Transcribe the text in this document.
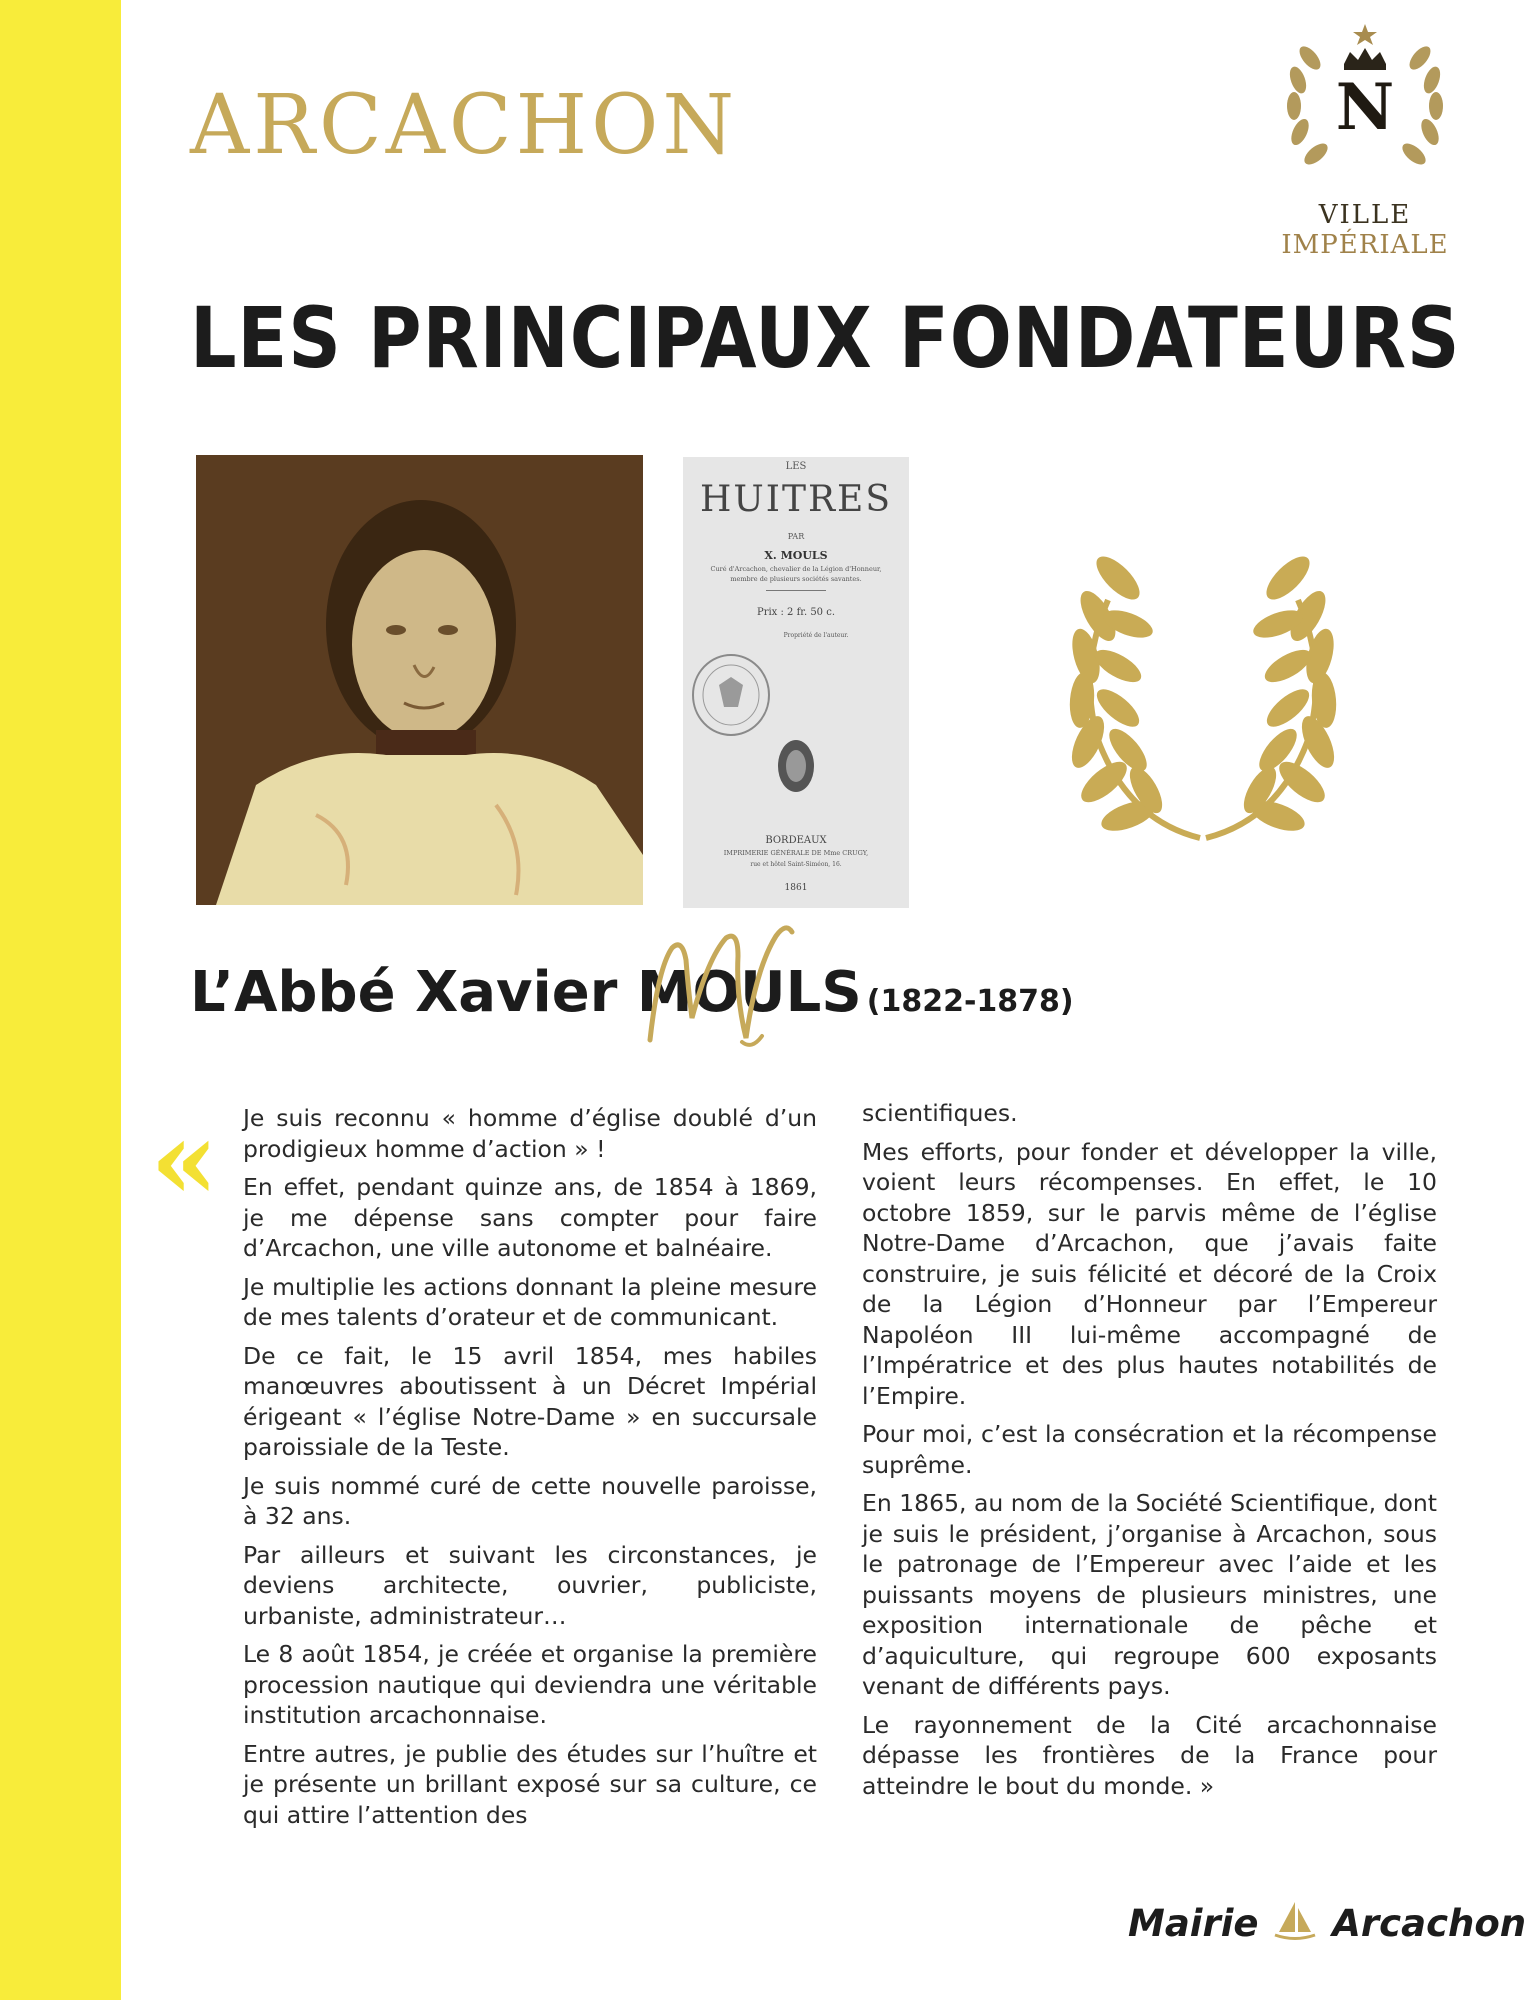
ARCACHON	N
VILLE
IMPÉRIALE
LES PRINCIPAUX FONDATEURS
LES
HUITRES
PAR
X. MOULS
Curé d'Arcachon, chevalier de la Légion d'Honneur,
membre de plusieurs sociétés savantes.
Prix : 2 fr. 50 c.
Propriété de l'auteur.
BORDEAUX
IMPRIMERIE GÉNÉRALE DE Mme CRUGY,
rue et hôtel Saint-Siméon, 16.
1861
L’Abbé Xavier MOULS (1822-1878)
« Je suis reconnu « homme d’église doublé d’un prodigieux homme d’action » !

En effet, pendant quinze ans, de 1854 à 1869, je me dépense sans compter pour faire d’Arcachon, une ville autonome et balnéaire.

Je multiplie les actions donnant la pleine mesure de mes talents d’orateur et de communicant.

De ce fait, le 15 avril 1854, mes habiles manœuvres aboutissent à un Décret Impérial érigeant « l’église Notre-Dame » en succursale paroissiale de la Teste.

Je suis nommé curé de cette nouvelle paroisse, à 32 ans.

Par ailleurs et suivant les circonstances, je deviens architecte, ouvrier, publiciste, urbaniste, administrateur…

Le 8 août 1854, je créée et organise la première procession nautique qui deviendra une véritable institution arcachonnaise.

Entre autres, je publie des études sur l’huître et je présente un brillant exposé sur sa culture, ce qui attire l’attention des

scientifiques.

Mes efforts, pour fonder et développer la ville, voient leurs récompenses. En effet, le 10 octobre 1859, sur le parvis même de l’église Notre-Dame d’Arcachon, que j’avais faite construire, je suis félicité et décoré de la Croix de la Légion d’Honneur par l’Empereur Napoléon III lui-même accompagné de l’Impératrice et des plus hautes notabilités de l’Empire.

Pour moi, c’est la consécration et la récompense suprême.

En 1865, au nom de la Société Scientifique, dont je suis le président, j’organise à Arcachon, sous le patronage de l’Empereur avec l’aide et les puissants moyens de plusieurs ministres, une exposition internationale de pêche et d’aquiculture, qui regroupe 600 exposants venant de différents pays.

Le rayonnement de la Cité arcachonnaise dépasse les frontières de la France pour atteindre le bout du monde. »

Mairie Arcachon
